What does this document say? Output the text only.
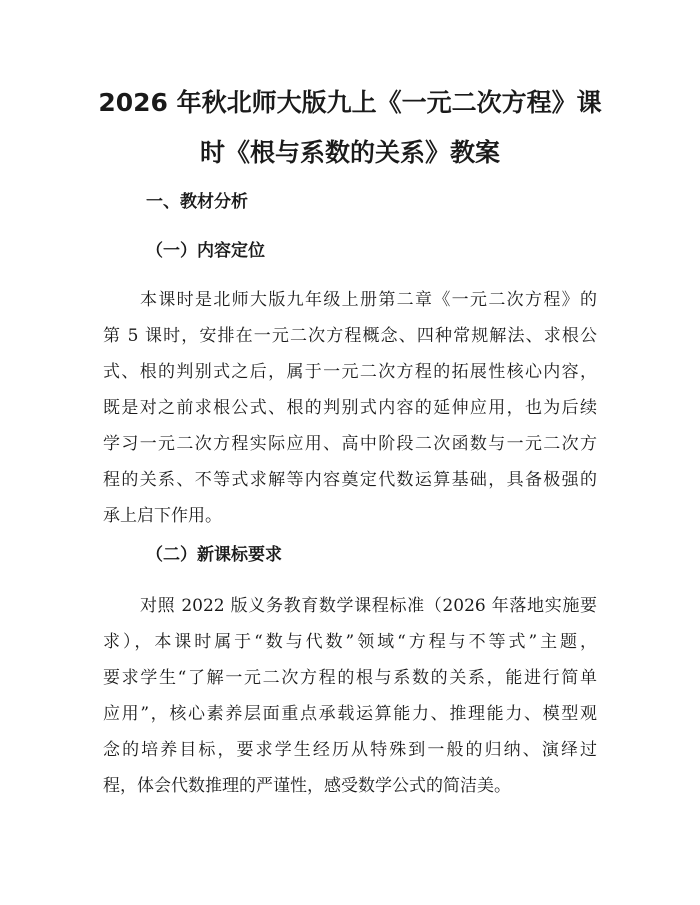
2026 年秋北师大版九上《一元二次方程》课
时《根与系数的关系》教案
一、教材分析
（一）内容定位

本课时是北师大版九年级上册第二章《一元二次方程》的

第 5 课时，安排在一元二次方程概念、四种常规解法、求根公

式、根的判别式之后，属于一元二次方程的拓展性核心内容，

既是对之前求根公式、根的判别式内容的延伸应用，也为后续

学习一元二次方程实际应用、高中阶段二次函数与一元二次方

程的关系、不等式求解等内容奠定代数运算基础，具备极强的

承上启下作用。

（二）新课标要求

对照 2022 版义务教育数学课程标准（2026 年落地实施要

求），本课时属于“数与代数”领域“方程与不等式”主题，

要求学生“了解一元二次方程的根与系数的关系，能进行简单

应用”，核心素养层面重点承载运算能力、推理能力、模型观

念的培养目标，要求学生经历从特殊到一般的归纳、演绎过

程，体会代数推理的严谨性，感受数学公式的简洁美。
